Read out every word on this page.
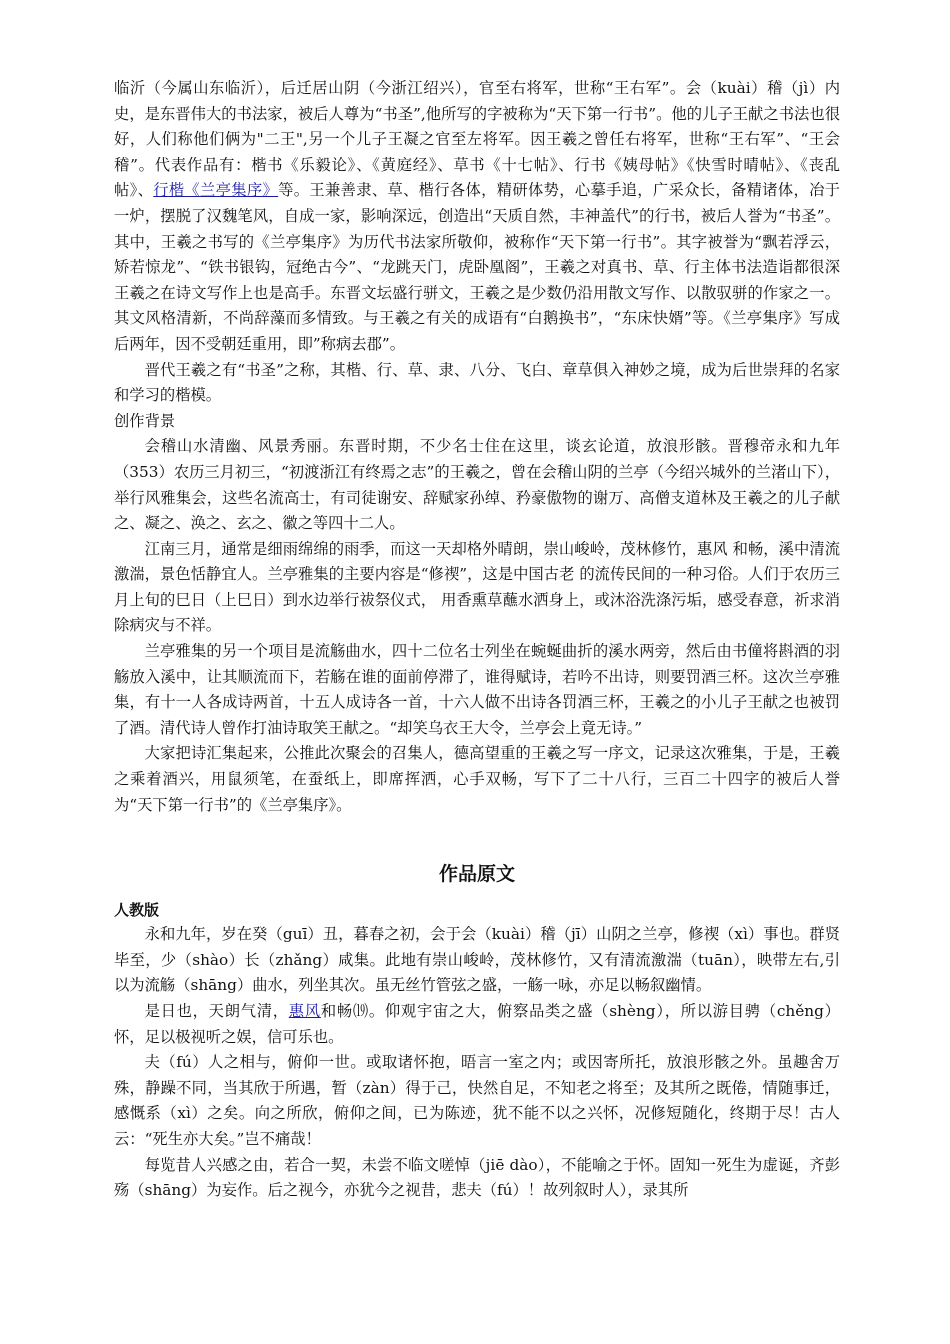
临沂（今属山东临沂），后迁居山阴（今浙江绍兴），官至右将军，世称“王右军”。会（kuài）稽（jì）内史，是东晋伟大的书法家，被后人尊为“书圣”,他所写的字被称为“天下第一行书”。他的儿子王献之书法也很好，人们称他们俩为"二王",另一个儿子王凝之官至左将军。因王羲之曾任右将军，世称“王右军”、“王会稽”。代表作品有：楷书《乐毅论》、《黄庭经》、草书《十七帖》、行书《姨母帖》《快雪时晴帖》、《丧乱帖》、行楷《兰亭集序》等。王兼善隶、草、楷行各体，精研体势，心摹手追，广采众长，备精诸体，冶于一炉，摆脱了汉魏笔风，自成一家，影响深远，创造出“天质自然，丰神盖代”的行书，被后人誉为“书圣”。其中，王羲之书写的《兰亭集序》为历代书法家所敬仰，被称作“天下第一行书”。其字被誉为“飘若浮云，矫若惊龙”、“铁书银钩，冠绝古今”、“龙跳天门，虎卧凰阁”，王羲之对真书、草、行主体书法造诣都很深王羲之在诗文写作上也是高手。东晋文坛盛行骈文，王羲之是少数仍沿用散文写作、以散驭骈的作家之一。其文风格清新，不尚辞藻而多情致。与王羲之有关的成语有“白鹅换书”，“东床快婿”等。《兰亭集序》写成后两年，因不受朝廷重用，即”称病去郡”。

晋代王羲之有“书圣”之称，其楷、行、草、隶、八分、飞白、章草俱入神妙之境，成为后世崇拜的名家和学习的楷模。

创作背景

会稽山水清幽、风景秀丽。东晋时期，不少名士住在这里，谈玄论道，放浪形骸。晋穆帝永和九年（353）农历三月初三，“初渡浙江有终焉之志”的王羲之，曾在会稽山阴的兰亭（今绍兴城外的兰渚山下），举行风雅集会，这些名流高士，有司徒谢安、辞赋家孙绰、矜豪傲物的谢万、高僧支道林及王羲之的儿子献之、凝之、涣之、玄之、徽之等四十二人。

江南三月，通常是细雨绵绵的雨季，而这一天却格外晴朗，崇山峻岭，茂林修竹，惠风 和畅，溪中清流激湍，景色恬静宜人。兰亭雅集的主要内容是“修禊”，这是中国古老 的流传民间的一种习俗。人们于农历三月上旬的巳日（上巳日）到水边举行祓祭仪式， 用香熏草蘸水洒身上，或沐浴洗涤污垢，感受春意，祈求消除病灾与不祥。

兰亭雅集的另一个项目是流觞曲水，四十二位名士列坐在蜿蜒曲折的溪水两旁，然后由书僮将斟酒的羽觞放入溪中，让其顺流而下，若觞在谁的面前停滞了，谁得赋诗，若吟不出诗，则要罚酒三杯。这次兰亭雅集，有十一人各成诗两首，十五人成诗各一首，十六人做不出诗各罚酒三杯，王羲之的小儿子王献之也被罚了酒。清代诗人曾作打油诗取笑王献之。“却笑乌衣王大令，兰亭会上竟无诗。”

大家把诗汇集起来，公推此次聚会的召集人，德高望重的王羲之写一序文，记录这次雅集，于是，王羲之乘着酒兴，用鼠须笔，在蚕纸上，即席挥洒，心手双畅，写下了二十八行，三百二十四字的被后人誉为“天下第一行书”的《兰亭集序》。

作品原文
人教版

永和九年，岁在癸（guī）丑，暮春之初，会于会（kuài）稽（jī）山阴之兰亭，修禊（xì）事也。群贤毕至，少（shào）长（zhǎng）咸集。此地有崇山峻岭，茂林修竹，又有清流激湍（tuān），映带左右,引以为流觞（shāng）曲水，列坐其次。虽无丝竹管弦之盛，一觞一咏，亦足以畅叙幽情。

是日也，天朗气清，惠风和畅⒆。仰观宇宙之大，俯察品类之盛（shèng），所以游目骋（chěng）怀，足以极视听之娱，信可乐也。

夫（fú）人之相与，俯仰一世。或取诸怀抱，晤言一室之内；或因寄所托，放浪形骸之外。虽趣舍万殊，静躁不同，当其欣于所遇，暂（zàn）得于己，快然自足，不知老之将至；及其所之既倦，情随事迁，感慨系（xì）之矣。向之所欣，俯仰之间，已为陈迹，犹不能不以之兴怀，况修短随化，终期于尽！古人云：“死生亦大矣。”岂不痛哉！

每览昔人兴感之由，若合一契，未尝不临文嗟悼（jiē dào），不能喻之于怀。固知一死生为虚诞，齐彭殇（shāng）为妄作。后之视今，亦犹今之视昔，悲夫（fú）！故列叙时人），录其所
